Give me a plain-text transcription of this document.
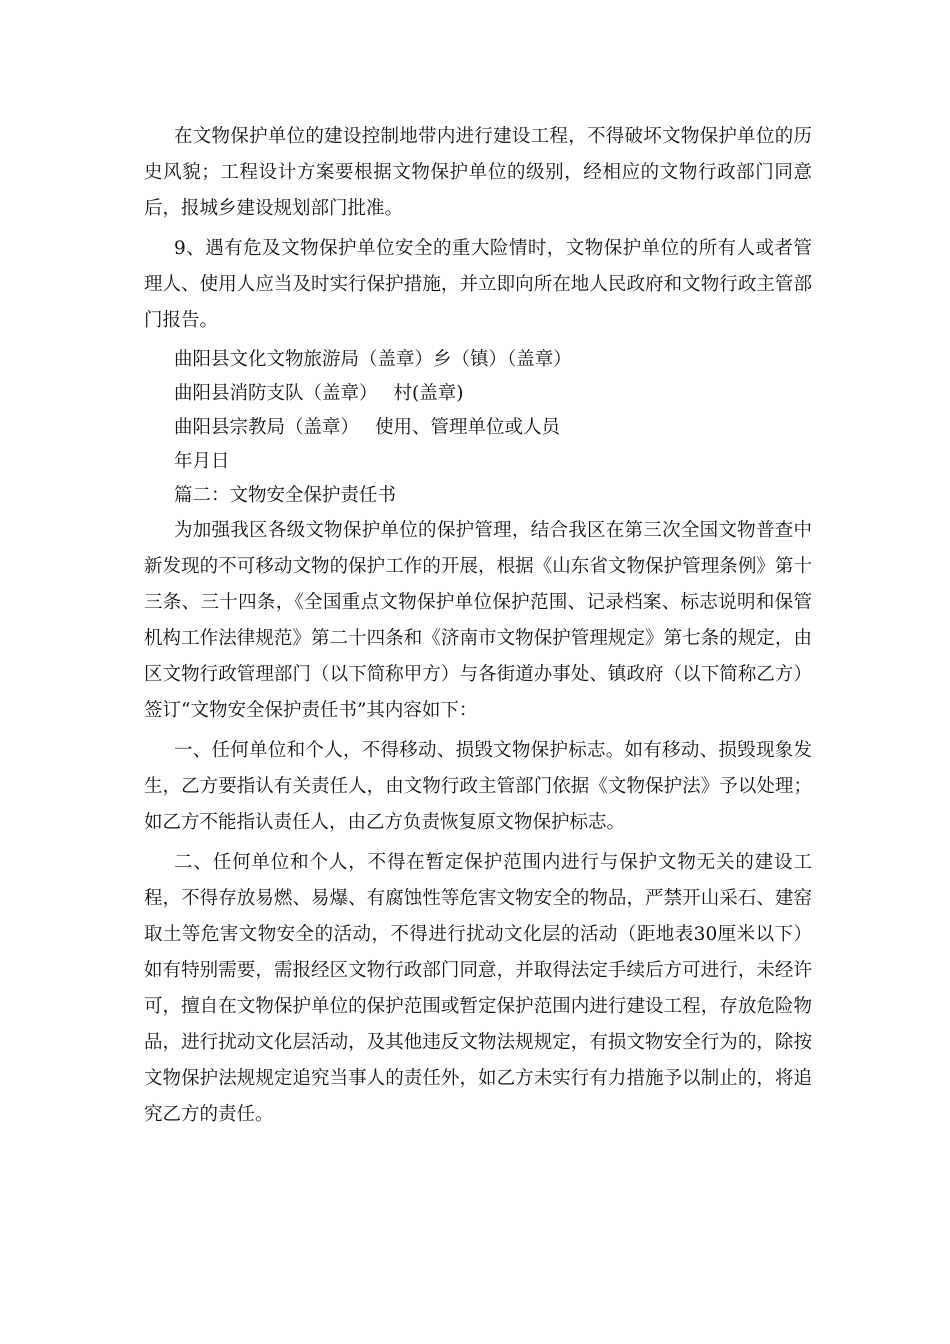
在文物保护单位的建设控制地带内进行建设工程，不得破坏文物保护单位的历史风貌；工程设计方案要根据文物保护单位的级别，经相应的文物行政部门同意后，报城乡建设规划部门批准。

9、遇有危及文物保护单位安全的重大险情时，文物保护单位的所有人或者管理人、使用人应当及时实行保护措施，并立即向所在地人民政府和文物行政主管部门报告。

曲阳县文化文物旅游局（盖章）乡（镇）（盖章）

曲阳县消防支队（盖章） 村(盖章)

曲阳县宗教局（盖章） 使用、管理单位或人员

年月日

篇二：文物安全保护责任书

为加强我区各级文物保护单位的保护管理，结合我区在第三次全国文物普查中新发现的不可移动文物的保护工作的开展，根据《山东省文物保护管理条例》第十三条、三十四条，《全国重点文物保护单位保护范围、记录档案、标志说明和保管机构工作法律规范》第二十四条和《济南市文物保护管理规定》第七条的规定，由区文物行政管理部门（以下简称甲方）与各街道办事处、镇政府（以下简称乙方）签订“文物安全保护责任书”其内容如下：

一、任何单位和个人，不得移动、损毁文物保护标志。如有移动、损毁现象发生，乙方要指认有关责任人，由文物行政主管部门依据《文物保护法》予以处理；如乙方不能指认责任人，由乙方负责恢复原文物保护标志。

二、任何单位和个人，不得在暂定保护范围内进行与保护文物无关的建设工程，不得存放易燃、易爆、有腐蚀性等危害文物安全的物品，严禁开山采石、建窑取土等危害文物安全的活动，不得进行扰动文化层的活动（距地表30厘米以下）如有特别需要，需报经区文物行政部门同意，并取得法定手续后方可进行，未经许可，擅自在文物保护单位的保护范围或暂定保护范围内进行建设工程，存放危险物品，进行扰动文化层活动，及其他违反文物法规规定，有损文物安全行为的，除按文物保护法规规定追究当事人的责任外，如乙方未实行有力措施予以制止的，将追究乙方的责任。
